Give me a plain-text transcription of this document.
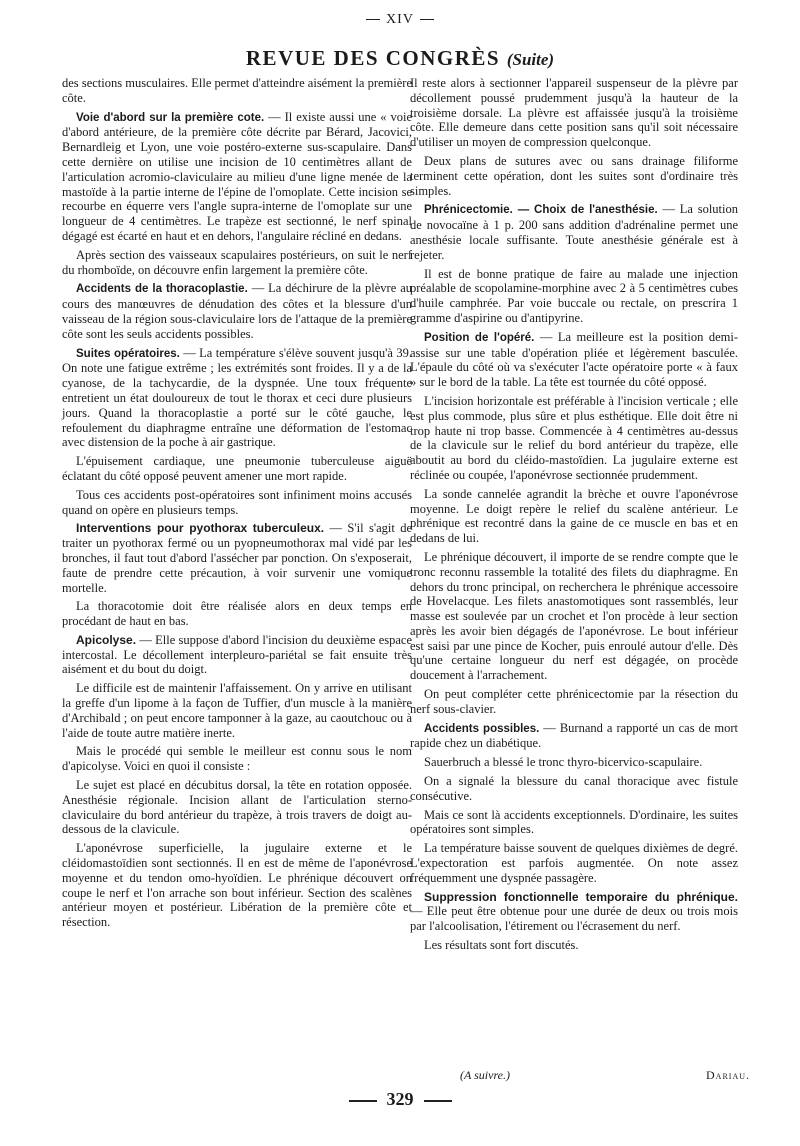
XIV
REVUE DES CONGRÈS (Suite)

des sections musculaires. Elle permet d'atteindre aisément la première côte.

Voie d'abord sur la première cote. — Il existe aussi une « voie d'abord antérieure, de la première côte décrite par Bérard, Jacovici, Bernardleig et Lyon, une voie postéro-externe sus-scapulaire. Dans cette dernière on utilise une incision de 10 centimètres allant de l'articulation acromio-claviculaire au milieu d'une ligne menée de la mastoïde à la partie interne de l'épine de l'omoplate. Cette incision se recourbe en équerre vers l'angle supra-interne de l'omoplate sur une longueur de 4 centimètres. Le trapèze est sectionné, le nerf spinal dégagé est écarté en haut et en dehors, l'angulaire récliné en dedans.

Après section des vaisseaux scapulaires postérieurs, on suit le nerf du rhomboïde, on découvre enfin largement la première côte.

Accidents de la thoracoplastie. — La déchirure de la plèvre au cours des manœuvres de dénudation des côtes et la blessure d'un vaisseau de la région sous-claviculaire lors de l'attaque de la première côte sont les seuls accidents possibles.

Suites opératoires. — La température s'élève souvent jusqu'à 39. On note une fatigue extrême ; les extrémités sont froides. Il y a de la cyanose, de la tachycardie, de la dyspnée. Une toux fréquente entretient un état douloureux de tout le thorax et ceci dure plusieurs jours. Quand la thoracoplastie a porté sur le côté gauche, le refoulement du diaphragme entraîne une déformation de l'estomac avec distension de la poche à air gastrique.

L'épuisement cardiaque, une pneumonie tuberculeuse aiguë éclatant du côté opposé peuvent amener une mort rapide.

Tous ces accidents post-opératoires sont infiniment moins accusés quand on opère en plusieurs temps.

Interventions pour pyothorax tuberculeux. — S'il s'agit de traiter un pyothorax fermé ou un pyopneumothorax mal vidé par les bronches, il faut tout d'abord l'assécher par ponction. On s'exposerait, faute de prendre cette précaution, à voir survenir une vomique mortelle.

La thoracotomie doit être réalisée alors en deux temps en procédant de haut en bas.

Apicolyse. — Elle suppose d'abord l'incision du deuxième espace intercostal. Le décollement interpleuro-pariétal se fait ensuite très aisément et du bout du doigt.

Le difficile est de maintenir l'affaissement. On y arrive en utilisant la greffe d'un lipome à la façon de Tuffier, d'un muscle à la manière d'Archibald ; on peut encore tamponner à la gaze, au caoutchouc ou à l'aide de toute autre matière inerte.

Mais le procédé qui semble le meilleur est connu sous le nom d'apicolyse. Voici en quoi il consiste :

Le sujet est placé en décubitus dorsal, la tête en rotation opposée. Anesthésie régionale. Incision allant de l'articulation sterno-claviculaire du bord antérieur du trapèze, à trois travers de doigt au-dessous de la clavicule.

L'aponévrose superficielle, la jugulaire externe et le cléidomastoïdien sont sectionnés. Il en est de même de l'aponévrose moyenne et du tendon omo-hyoïdien. Le phrénique découvert on coupe le nerf et l'on arrache son bout inférieur. Section des scalènes antérieur moyen et postérieur. Libération de la première côte et résection.

Il reste alors à sectionner l'appareil suspenseur de la plèvre par décollement poussé prudemment jusqu'à la hauteur de la troisième dorsale. La plèvre est affaissée jusqu'à la troisième côte. Elle demeure dans cette position sans qu'il soit nécessaire d'utiliser un moyen de compression quelconque.

Deux plans de sutures avec ou sans drainage filiforme terminent cette opération, dont les suites sont d'ordinaire très simples.

Phrénicectomie. — Choix de l'anesthésie. — La solution de novocaïne à 1 p. 200 sans addition d'adrénaline permet une anesthésie locale suffisante. Toute anesthésie générale est à rejeter.

Il est de bonne pratique de faire au malade une injection préalable de scopolamine-morphine avec 2 à 5 centimètres cubes d'huile camphrée. Par voie buccale ou rectale, on prescrira 1 gramme d'aspirine ou d'antipyrine.

Position de l'opéré. — La meilleure est la position demi-assise sur une table d'opération pliée et légèrement basculée. L'épaule du côté où va s'exécuter l'acte opératoire porte « à faux » sur le bord de la table. La tête est tournée du côté opposé.

L'incision horizontale est préférable à l'incision verticale ; elle est plus commode, plus sûre et plus esthétique. Elle doit être ni trop haute ni trop basse. Commencée à 4 centimètres au-dessus de la clavicule sur le relief du bord antérieur du trapèze, elle aboutit au bord du cléido-mastoïdien. La jugulaire externe est réclinée ou coupée, l'aponévrose sectionnée prudemment.

La sonde cannelée agrandit la brèche et ouvre l'aponévrose moyenne. Le doigt repère le relief du scalène antérieur. Le phrénique est recontré dans la gaine de ce muscle en bas et en dedans de lui.

Le phrénique découvert, il importe de se rendre compte que le tronc reconnu rassemble la totalité des filets du diaphragme. En dehors du tronc principal, on recherchera le phrénique accessoire de Hovelacque. Les filets anastomotiques sont rassemblés, leur masse est soulevée par un crochet et l'on procède à leur section après les avoir bien dégagés de l'aponévrose. Le bout inférieur est saisi par une pince de Kocher, puis enroulé autour d'elle. Dès qu'une certaine longueur du nerf est dégagée, on procède doucement à l'arrachement.

On peut compléter cette phrénicectomie par la résection du nerf sous-clavier.

Accidents possibles. — Burnand a rapporté un cas de mort rapide chez un diabétique.

Sauerbruch a blessé le tronc thyro-bicervico-scapulaire.

On a signalé la blessure du canal thoracique avec fistule consécutive.

Mais ce sont là accidents exceptionnels. D'ordinaire, les suites opératoires sont simples.

La température baisse souvent de quelques dixièmes de degré. L'expectoration est parfois augmentée. On note assez fréquemment une dyspnée passagère.

Suppression fonctionnelle temporaire du phrénique. — Elle peut être obtenue pour une durée de deux ou trois mois par l'alcoolisation, l'étirement ou l'écrasement du nerf.

Les résultats sont fort discutés.

(A suivre.)	Dariau.
329
